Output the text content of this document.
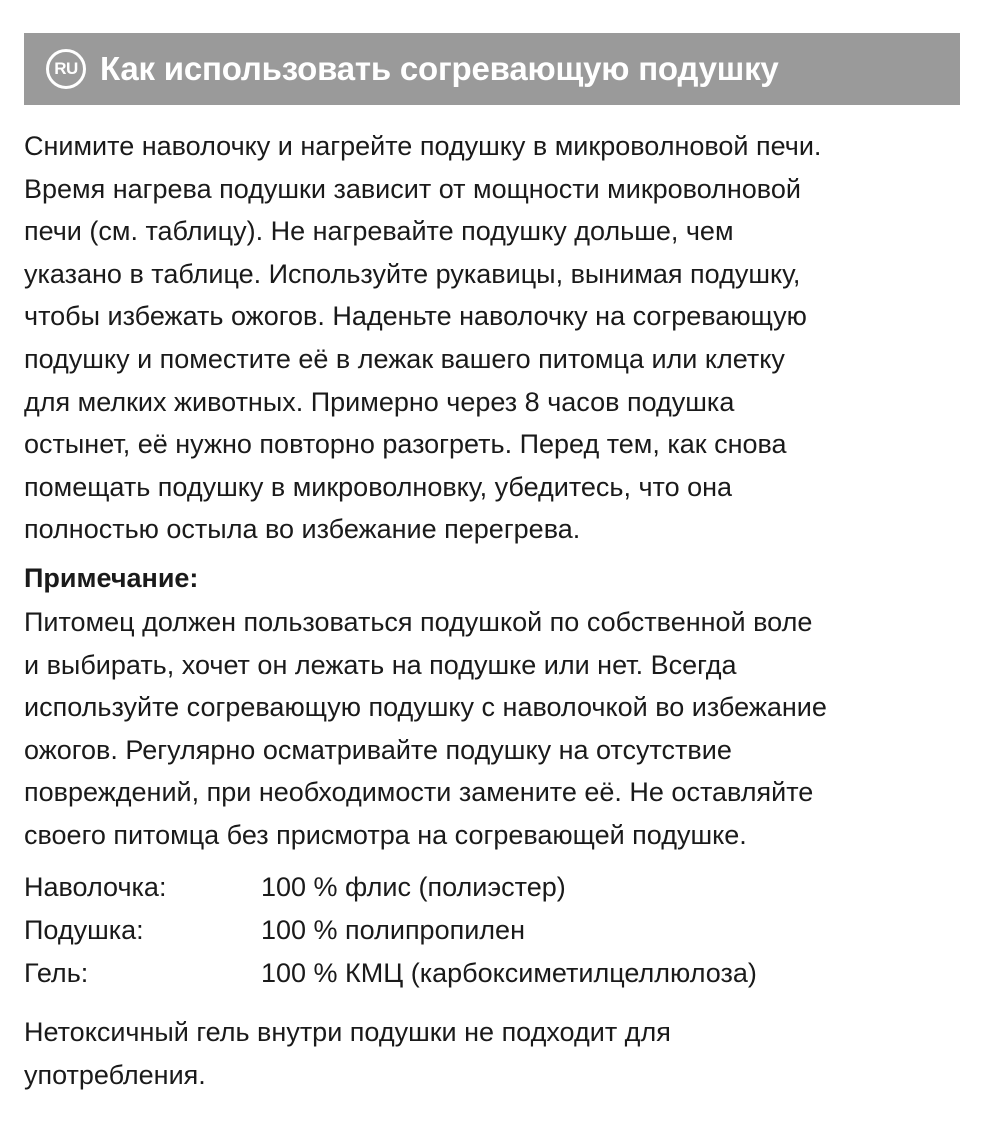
RU Как использовать согревающую подушку

Снимите наволочку и нагрейте подушку в микроволновой печи.
Время нагрева подушки зависит от мощности микроволновой
печи (см. таблицу). Не нагревайте подушку дольше, чем
указано в таблице. Используйте рукавицы, вынимая подушку,
чтобы избежать ожогов. Наденьте наволочку на согревающую
подушку и поместите её в лежак вашего питомца или клетку
для мелких животных. Примерно через 8 часов подушка
остынет, её нужно повторно разогреть. Перед тем, как снова
помещать подушку в микроволновку, убедитесь, что она
полностью остыла во избежание перегрева.

Примечание:

Питомец должен пользоваться подушкой по собственной воле
и выбирать, хочет он лежать на подушке или нет. Всегда
используйте согревающую подушку с наволочкой во избежание
ожогов. Регулярно осматривайте подушку на отсутствие
повреждений, при необходимости замените её. Не оставляйте
своего питомца без присмотра на согревающей подушке.

Наволочка:	100 % флис (полиэстер)
Подушка:	100 % полипропилен
Гель:	100 % КМЦ (карбоксиметилцеллюлоза)

Нетоксичный гель внутри подушки не подходит для
употребления.
